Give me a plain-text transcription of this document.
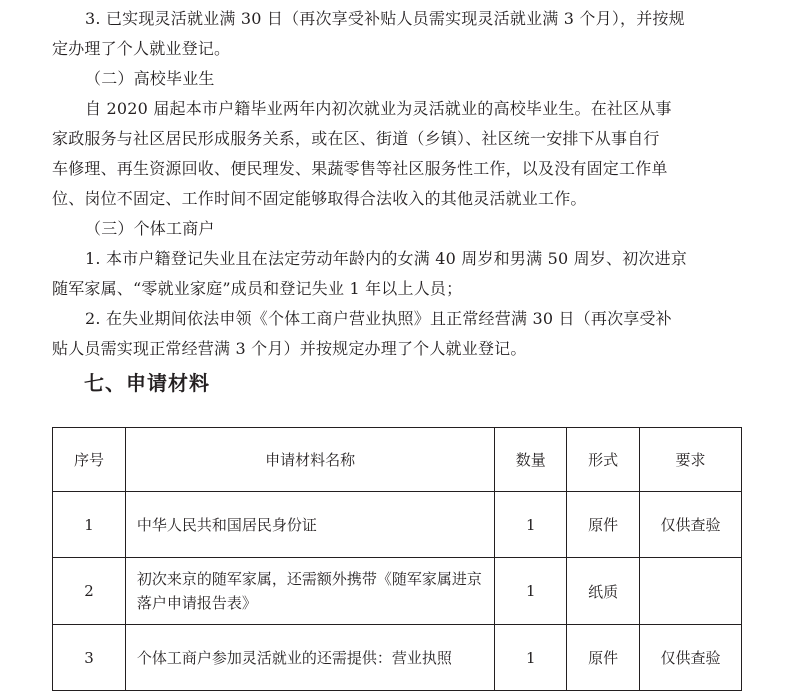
3. 已实现灵活就业满 30 日（再次享受补贴人员需实现灵活就业满 3 个月），并按规

定办理了个人就业登记。

（二）高校毕业生

自 2020 届起本市户籍毕业两年内初次就业为灵活就业的高校毕业生。在社区从事

家政服务与社区居民形成服务关系，或在区、街道（乡镇）、社区统一安排下从事自行

车修理、再生资源回收、便民理发、果蔬零售等社区服务性工作，以及没有固定工作单

位、岗位不固定、工作时间不固定能够取得合法收入的其他灵活就业工作。

（三）个体工商户

1. 本市户籍登记失业且在法定劳动年龄内的女满 40 周岁和男满 50 周岁、初次进京

随军家属、“零就业家庭”成员和登记失业 1 年以上人员；

2. 在失业期间依法申领《个体工商户营业执照》且正常经营满 30 日（再次享受补

贴人员需实现正常经营满 3 个月）并按规定办理了个人就业登记。

七、申请材料
序号	申请材料名称	数量	形式	要求
1	中华人民共和国居民身份证	1	原件	仅供查验
2	初次来京的随军家属，还需额外携带《随军家属进京落户申请报告表》	1	纸质	
3	个体工商户参加灵活就业的还需提供：营业执照	1	原件	仅供查验
